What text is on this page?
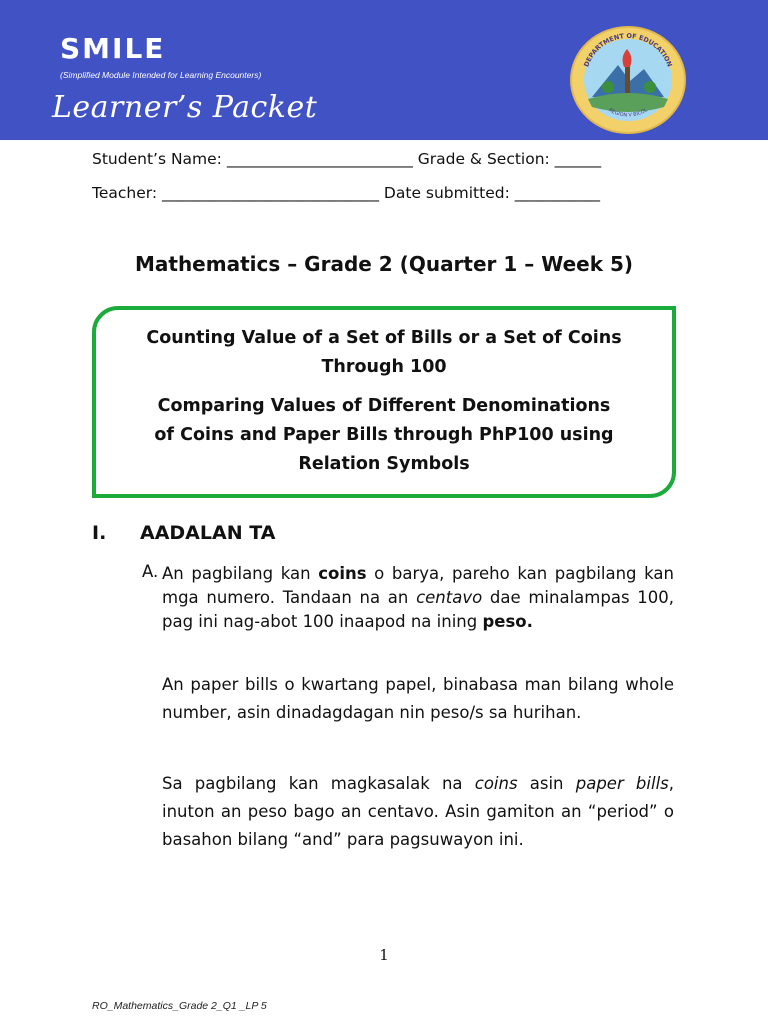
SMILE
(Simplified Module Intended for Learning Encounters)
Learner’s Packet
DEPARTMENT OF EDUCATION
REGION V BICOL
Student’s Name: ________________________ Grade & Section: ______
Teacher: ____________________________ Date submitted: ___________
Mathematics – Grade 2 (Quarter 1 – Week 5)
Counting Value of a Set of Bills or a Set of Coins
Through 100
Comparing Values of Different Denominations
of Coins and Paper Bills through PhP100 using
Relation Symbols
I. AADALAN TA
A. An pagbilang kan coins o barya, pareho kan pagbilang kan mga numero. Tandaan na an centavo dae minalampas 100, pag ini nag-abot 100 inaapod na ining peso.
An paper bills o kwartang papel, binabasa man bilang whole number, asin dinadagdagan nin peso/s sa hurihan.
Sa pagbilang kan magkasalak na coins asin paper bills, inuton an peso bago an centavo. Asin gamiton an “period” o basahon bilang “and” para pagsuwayon ini.
1
RO_Mathematics_Grade 2_Q1 _LP 5
